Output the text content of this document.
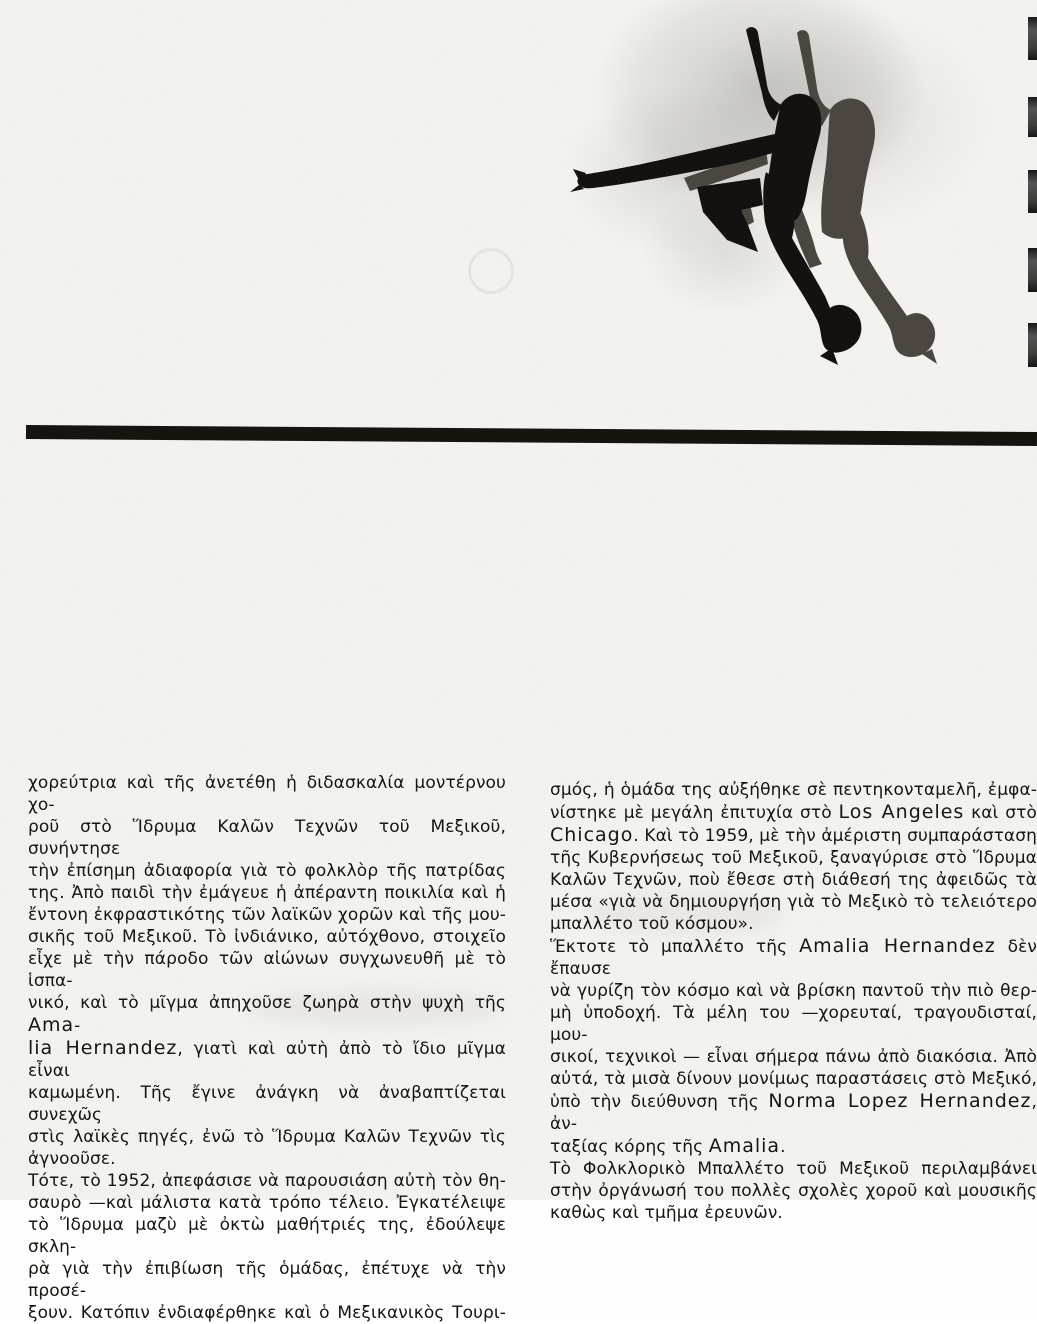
χορεύτρια καὶ τῆς ἀνετέθη ἡ διδασκαλία μοντέρνου χο-
ροῦ στὸ Ἵδρυμα Καλῶν Τεχνῶν τοῦ Μεξικοῦ, συνήντησε
τὴν ἐπίσημη ἀδιαφορία γιὰ τὸ φολκλὸρ τῆς πατρίδας
της. Ἀπὸ παιδὶ τὴν ἐμάγευε ἡ ἀπέραντη ποικιλία καὶ ἡ
ἔντονη ἐκφραστικότης τῶν λαϊκῶν χορῶν καὶ τῆς μου-
σικῆς τοῦ Μεξικοῦ. Τὸ ἰνδιάνικο, αὐτόχθονο, στοιχεῖο
εἶχε μὲ τὴν πάροδο τῶν αἰώνων συγχωνευθῆ μὲ τὸ ἱσπα-
νικό, καὶ τὸ μῖγμα ἀπηχοῦσε ζωηρὰ στὴν ψυχὴ τῆς Ama-
lia Hernandez, γιατὶ καὶ αὐτὴ ἀπὸ τὸ ἴδιο μῖγμα εἶναι
καμωμένη. Τῆς ἔγινε ἀνάγκη νὰ ἀναβαπτίζεται συνεχῶς
στὶς λαϊκὲς πηγές, ἐνῶ τὸ Ἵδρυμα Καλῶν Τεχνῶν τὶς
ἀγνοοῦσε.
Τότε, τὸ 1952, ἀπεφάσισε νὰ παρουσιάση αὐτὴ τὸν θη-
σαυρὸ —καὶ μάλιστα κατὰ τρόπο τέλειο. Ἐγκατέλειψε
τὸ Ἵδρυμα μαζὺ μὲ ὀκτὼ μαθήτριές της, ἐδούλεψε σκλη-
ρὰ γιὰ τὴν ἐπιβίωση τῆς ὁμάδας, ἐπέτυχε νὰ τὴν προσέ-
ξουν. Κατόπιν ἐνδιαφέρθηκε καὶ ὁ Μεξικανικὸς Τουρι-
σμός, ἡ ὁμάδα της αὐξήθηκε σὲ πεντηκονταμελῆ, ἐμφα-
νίστηκε μὲ μεγάλη ἐπιτυχία στὸ Los Angeles καὶ στὸ
Chicago. Καὶ τὸ 1959, μὲ τὴν ἀμέριστη συμπαράσταση
τῆς Κυβερνήσεως τοῦ Μεξικοῦ, ξαναγύρισε στὸ Ἵδρυμα
Καλῶν Τεχνῶν, ποὺ ἔθεσε στὴ διάθεσή της ἀφειδῶς τὰ
μέσα «γιὰ νὰ δημιουργήση γιὰ τὸ Μεξικὸ τὸ τελειότερο
μπαλλέτο τοῦ κόσμου».
Ἕκτοτε τὸ μπαλλέτο τῆς Amalia Hernandez δὲν ἔπαυσε
νὰ γυρίζη τὸν κόσμο καὶ νὰ βρίσκη παντοῦ τὴν πιὸ θερ-
μὴ ὑποδοχή. Τὰ μέλη του —χορευταί, τραγουδισταί, μου-
σικοί, τεχνικοὶ — εἶναι σήμερα πάνω ἀπὸ διακόσια. Ἀπὸ
αὐτά, τὰ μισὰ δίνουν μονίμως παραστάσεις στὸ Μεξικό,
ὑπὸ τὴν διεύθυνση τῆς Norma Lopez Hernandez, ἀν-
ταξίας κόρης τῆς Amalia.
Τὸ Φολκλορικὸ Μπαλλέτο τοῦ Μεξικοῦ περιλαμβάνει
στὴν ὀργάνωσή του πολλὲς σχολὲς χοροῦ καὶ μουσικῆς
καθὼς καὶ τμῆμα ἐρευνῶν.
